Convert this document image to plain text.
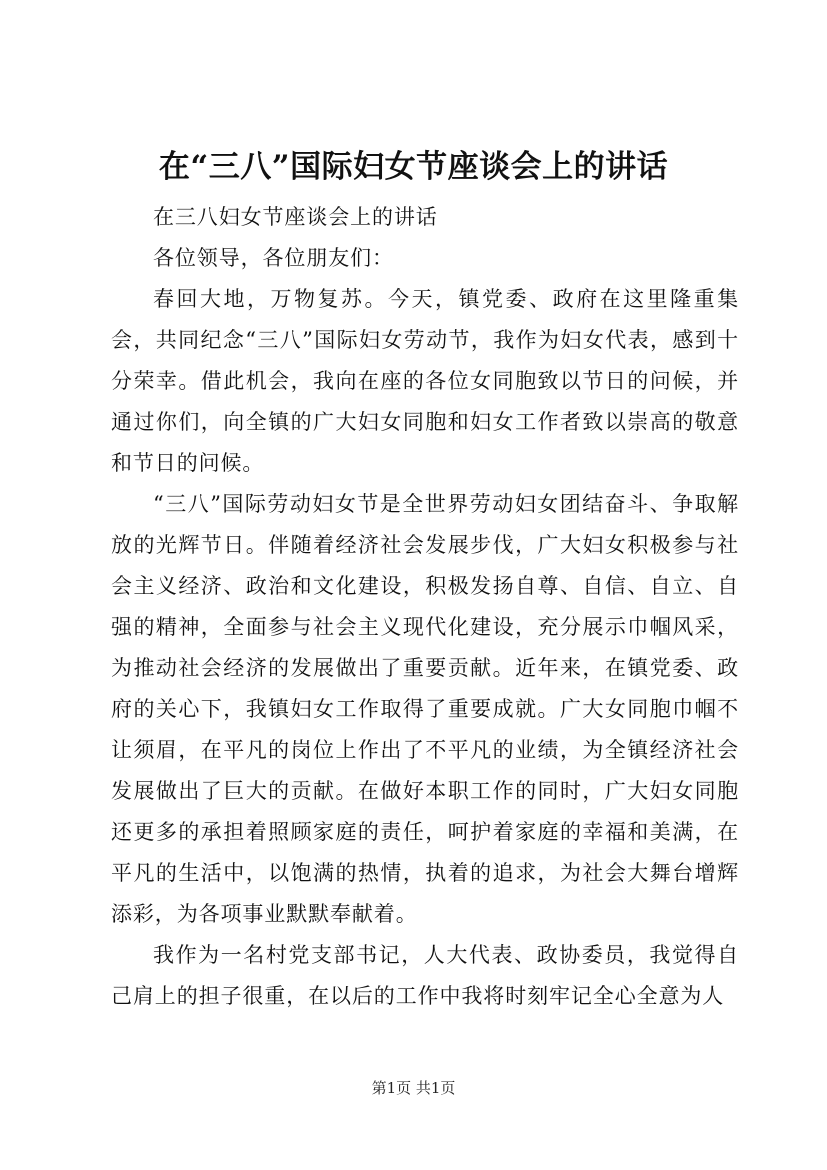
在“三八”国际妇女节座谈会上的讲话

在三八妇女节座谈会上的讲话

各位领导，各位朋友们：

春回大地，万物复苏。今天，镇党委、政府在这里隆重集会，共同纪念“三八”国际妇女劳动节，我作为妇女代表，感到十分荣幸。借此机会，我向在座的各位女同胞致以节日的问候，并通过你们，向全镇的广大妇女同胞和妇女工作者致以崇高的敬意和节日的问候。

“三八”国际劳动妇女节是全世界劳动妇女团结奋斗、争取解放的光辉节日。伴随着经济社会发展步伐，广大妇女积极参与社会主义经济、政治和文化建设，积极发扬自尊、自信、自立、自强的精神，全面参与社会主义现代化建设，充分展示巾帼风采，为推动社会经济的发展做出了重要贡献。近年来，在镇党委、政府的关心下，我镇妇女工作取得了重要成就。广大女同胞巾帼不让须眉，在平凡的岗位上作出了不平凡的业绩，为全镇经济社会发展做出了巨大的贡献。在做好本职工作的同时，广大妇女同胞还更多的承担着照顾家庭的责任，呵护着家庭的幸福和美满，在平凡的生活中，以饱满的热情，执着的追求，为社会大舞台增辉添彩，为各项事业默默奉献着。

我作为一名村党支部书记，人大代表、政协委员，我觉得自己肩上的担子很重，在以后的工作中我将时刻牢记全心全意为人

第1页 共1页
